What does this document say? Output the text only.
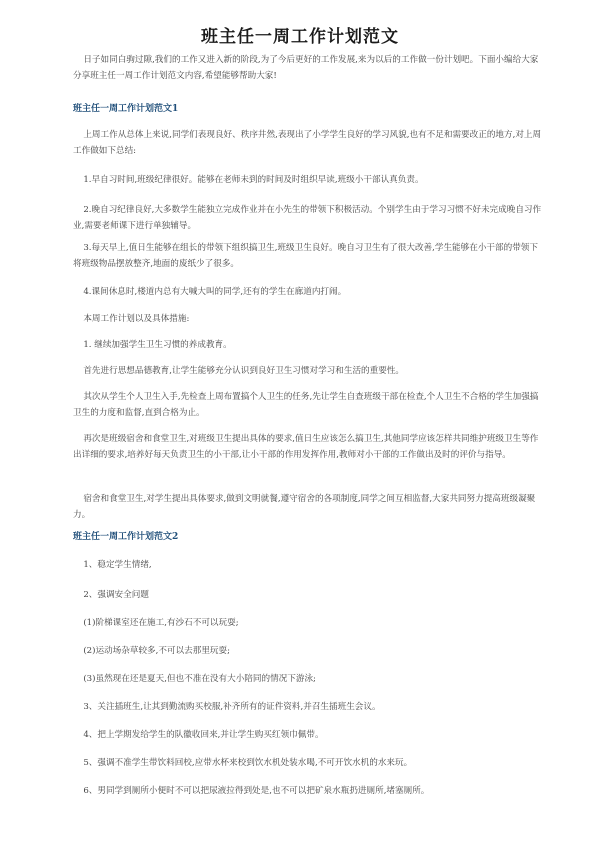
班主任一周工作计划范文

日子如同白驹过隙,我们的工作又进入新的阶段,为了今后更好的工作发展,来为以后的工作做一份计划吧。下面小编给大家分享班主任一周工作计划范文内容,希望能够帮助大家!

班主任一周工作计划范文1

上周工作从总体上来说,同学们表现良好、秩序井然,表现出了小学学生良好的学习风貌,也有不足和需要改正的地方,对上周工作做如下总结:

1.早自习时间,班级纪律很好。能够在老师未到的时间及时组织早读,班级小干部认真负责。

2.晚自习纪律良好,大多数学生能独立完成作业并在小先生的带领下积极活动。个别学生由于学习习惯不好未完成晚自习作业,需要老师课下进行单独辅导。

3.每天早上,值日生能够在组长的带领下组织搞卫生,班级卫生良好。晚自习卫生有了很大改善,学生能够在小干部的带领下将班级物品摆放整齐,地面的废纸少了很多。

4.课间休息时,楼道内总有大喊大叫的同学,还有的学生在廊道内打闹。

本周工作计划以及具体措施:

1. 继续加强学生卫生习惯的养成教育。

首先进行思想品德教育,让学生能够充分认识到良好卫生习惯对学习和生活的重要性。

其次从学生个人卫生入手,先检查上周布置搞个人卫生的任务,先让学生自查班级干部在检查,个人卫生不合格的学生加强搞卫生的力度和监督,直到合格为止。

再次是班级宿舍和食堂卫生,对班级卫生提出具体的要求,值日生应该怎么搞卫生,其他同学应该怎样共同维护班级卫生等作出详细的要求,培养好每天负责卫生的小干部,让小干部的作用发挥作用,教师对小干部的工作做出及时的评价与指导。

宿舍和食堂卫生,对学生提出具体要求,做到文明就餐,遵守宿舍的各项制度,同学之间互相监督,大家共同努力提高班级凝聚力。

班主任一周工作计划范文2

1、稳定学生情绪,

2、强调安全问题

(1)阶梯课室还在施工,有沙石不可以玩耍;

(2)运动场杂草较多,不可以去那里玩耍;

(3)虽然现在还是夏天,但也不准在没有大小陪同的情况下游泳;

3、关注插班生,让其到勤流购买校服,补齐所有的证件资料,并召生插班生会议。

4、把上学期发给学生的队徽收回来,并让学生购买红领巾佩带。

5、强调不准学生带饮料回校,应带水杯来校到饮水机处装水喝,不可开饮水机的水来玩。

6、男同学到厕所小便时不可以把尿液拉得到处是,也不可以把矿泉水瓶扔进厕所,堵塞厕所。
